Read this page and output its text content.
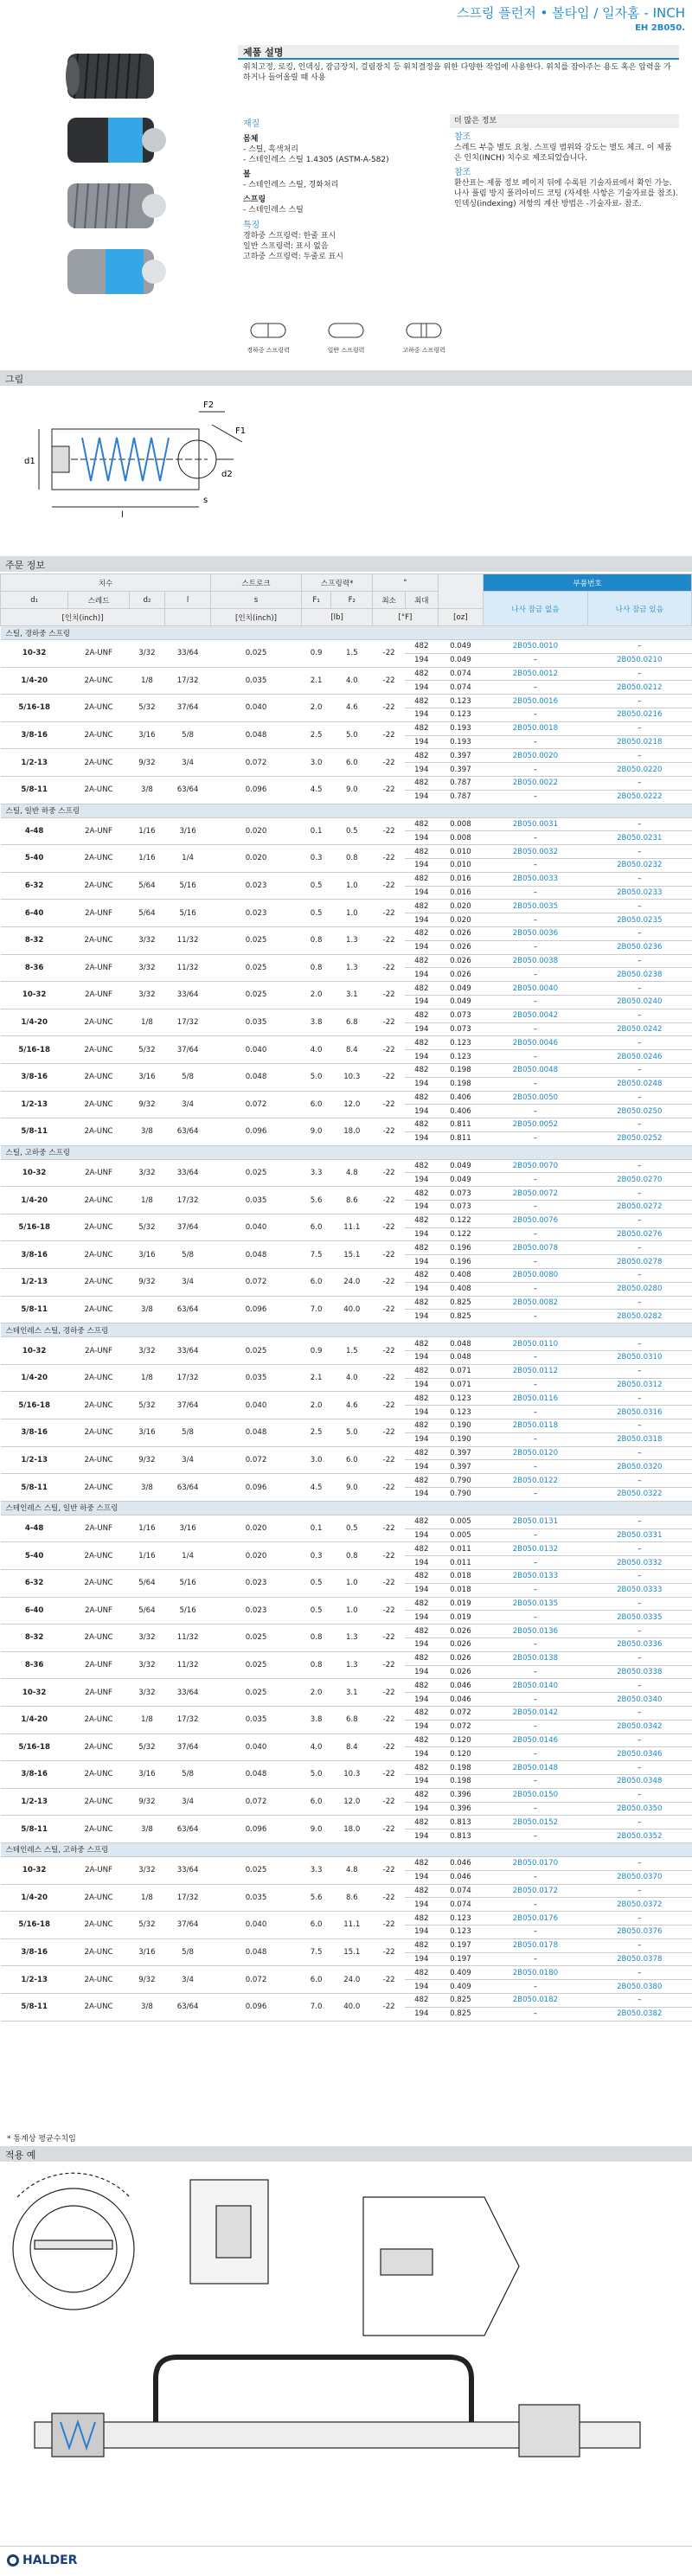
스프링 플런저 • 볼타입 / 일자홈 - INCH
EH 2B050.
제품 설명
위치고정, 로킹, 인덱싱, 잠금장치, 걸림장치 등 위치결정을 위한 다양한 작업에 사용한다. 위치를 잡아주는 용도 혹은 압력을 가하거나 들어올릴 때 사용
재질
몸체
- 스틸, 흑색처리
- 스테인레스 스틸 1.4305 (ASTM-A-582)
볼
- 스테인레스 스틸, 경화처리
스프링
- 스테인레스 스틸
특징
경하중 스프링력: 한줄 표시
일반 스프링력: 표시 없음
고하중 스프링력: 두줄로 표시
더 많은 정보
참조
스레드 부층 별도 요청. 스프링 범위와 강도는 별도 체크. 이 제품은 인치(INCH) 치수로 제조되었습니다.
참조
환산표는 제품 정보 페이지 뒤에 수록된 기술자료에서 확인 가능. 나사 풀림 방지 폴리아미드 코팅 (자세한 사항은 기술자료를 참조). 인덱싱(indexing) 저항의 계산 방법은 -기술자료- 참조.
경하중 스프링력	일반 스프링력	고하중 스프링력
그림
F2
F1
d1
d2
l
s
주문 정보
치수				스트로크	스프링력*		°			부품번호	
d₁	스레드	d₂	l	s	F₁	F₂	최소	최대		나사 잠금 없음	나사 잠금 있음
[인치(inch)]				[인치(inch)]	[lb]		[°F]		[oz]		
스틸, 경하중 스프링											
10-32	2A-UNF	3/32	33/64	0.025	0.9	1.5	-22	482	0.049	2B050.0010	–
								194	0.049	–	2B050.0210
1/4-20	2A-UNC	1/8	17/32	0.035	2.1	4.0	-22	482	0.074	2B050.0012	–
								194	0.074	–	2B050.0212
5/16-18	2A-UNC	5/32	37/64	0.040	2.0	4.6	-22	482	0.123	2B050.0016	–
								194	0.123	–	2B050.0216
3/8-16	2A-UNC	3/16	5/8	0.048	2.5	5.0	-22	482	0.193	2B050.0018	–
								194	0.193	–	2B050.0218
1/2-13	2A-UNC	9/32	3/4	0.072	3.0	6.0	-22	482	0.397	2B050.0020	–
								194	0.397	–	2B050.0220
5/8-11	2A-UNC	3/8	63/64	0.096	4.5	9.0	-22	482	0.787	2B050.0022	–
								194	0.787	–	2B050.0222
스틸, 일반 하중 스프링											
4-48	2A-UNF	1/16	3/16	0.020	0.1	0.5	-22	482	0.008	2B050.0031	–
								194	0.008	–	2B050.0231
5-40	2A-UNC	1/16	1/4	0.020	0.3	0.8	-22	482	0.010	2B050.0032	–
								194	0.010	–	2B050.0232
6-32	2A-UNC	5/64	5/16	0.023	0.5	1.0	-22	482	0.016	2B050.0033	–
								194	0.016	–	2B050.0233
6-40	2A-UNF	5/64	5/16	0.023	0.5	1.0	-22	482	0.020	2B050.0035	–
								194	0.020	–	2B050.0235
8-32	2A-UNC	3/32	11/32	0.025	0.8	1.3	-22	482	0.026	2B050.0036	–
								194	0.026	–	2B050.0236
8-36	2A-UNF	3/32	11/32	0.025	0.8	1.3	-22	482	0.026	2B050.0038	–
								194	0.026	–	2B050.0238
10-32	2A-UNF	3/32	33/64	0.025	2.0	3.1	-22	482	0.049	2B050.0040	–
								194	0.049	–	2B050.0240
1/4-20	2A-UNC	1/8	17/32	0.035	3.8	6.8	-22	482	0.073	2B050.0042	–
								194	0.073	–	2B050.0242
5/16-18	2A-UNC	5/32	37/64	0.040	4.0	8.4	-22	482	0.123	2B050.0046	–
								194	0.123	–	2B050.0246
3/8-16	2A-UNC	3/16	5/8	0.048	5.0	10.3	-22	482	0.198	2B050.0048	–
								194	0.198	–	2B050.0248
1/2-13	2A-UNC	9/32	3/4	0.072	6.0	12.0	-22	482	0.406	2B050.0050	–
								194	0.406	–	2B050.0250
5/8-11	2A-UNC	3/8	63/64	0.096	9.0	18.0	-22	482	0.811	2B050.0052	–
								194	0.811	–	2B050.0252
스틸, 고하중 스프링											
10-32	2A-UNF	3/32	33/64	0.025	3.3	4.8	-22	482	0.049	2B050.0070	–
								194	0.049	–	2B050.0270
1/4-20	2A-UNC	1/8	17/32	0.035	5.6	8.6	-22	482	0.073	2B050.0072	–
								194	0.073	–	2B050.0272
5/16-18	2A-UNC	5/32	37/64	0.040	6.0	11.1	-22	482	0.122	2B050.0076	–
								194	0.122	–	2B050.0276
3/8-16	2A-UNC	3/16	5/8	0.048	7.5	15.1	-22	482	0.196	2B050.0078	–
								194	0.196	–	2B050.0278
1/2-13	2A-UNC	9/32	3/4	0.072	6.0	24.0	-22	482	0.408	2B050.0080	–
								194	0.408	–	2B050.0280
5/8-11	2A-UNC	3/8	63/64	0.096	7.0	40.0	-22	482	0.825	2B050.0082	–
								194	0.825	–	2B050.0282
스테인레스 스틸, 경하중 스프링											
10-32	2A-UNF	3/32	33/64	0.025	0.9	1.5	-22	482	0.048	2B050.0110	–
								194	0.048	–	2B050.0310
1/4-20	2A-UNC	1/8	17/32	0.035	2.1	4.0	-22	482	0.071	2B050.0112	–
								194	0.071	–	2B050.0312
5/16-18	2A-UNC	5/32	37/64	0.040	2.0	4.6	-22	482	0.123	2B050.0116	–
								194	0.123	–	2B050.0316
3/8-16	2A-UNC	3/16	5/8	0.048	2.5	5.0	-22	482	0.190	2B050.0118	–
								194	0.190	–	2B050.0318
1/2-13	2A-UNC	9/32	3/4	0.072	3.0	6.0	-22	482	0.397	2B050.0120	–
								194	0.397	–	2B050.0320
5/8-11	2A-UNC	3/8	63/64	0.096	4.5	9.0	-22	482	0.790	2B050.0122	–
								194	0.790	–	2B050.0322
스테인레스 스틸, 일반 하중 스프링											
4-48	2A-UNF	1/16	3/16	0.020	0.1	0.5	-22	482	0.005	2B050.0131	–
								194	0.005	–	2B050.0331
5-40	2A-UNC	1/16	1/4	0.020	0.3	0.8	-22	482	0.011	2B050.0132	–
								194	0.011	–	2B050.0332
6-32	2A-UNC	5/64	5/16	0.023	0.5	1.0	-22	482	0.018	2B050.0133	–
								194	0.018	–	2B050.0333
6-40	2A-UNF	5/64	5/16	0.023	0.5	1.0	-22	482	0.019	2B050.0135	–
								194	0.019	–	2B050.0335
8-32	2A-UNC	3/32	11/32	0.025	0.8	1.3	-22	482	0.026	2B050.0136	–
								194	0.026	–	2B050.0336
8-36	2A-UNF	3/32	11/32	0.025	0.8	1.3	-22	482	0.026	2B050.0138	–
								194	0.026	–	2B050.0338
10-32	2A-UNF	3/32	33/64	0.025	2.0	3.1	-22	482	0.046	2B050.0140	–
								194	0.046	–	2B050.0340
1/4-20	2A-UNC	1/8	17/32	0.035	3.8	6.8	-22	482	0.072	2B050.0142	–
								194	0.072	–	2B050.0342
5/16-18	2A-UNC	5/32	37/64	0.040	4.0	8.4	-22	482	0.120	2B050.0146	–
								194	0.120	–	2B050.0346
3/8-16	2A-UNC	3/16	5/8	0.048	5.0	10.3	-22	482	0.198	2B050.0148	–
								194	0.198	–	2B050.0348
1/2-13	2A-UNC	9/32	3/4	0.072	6.0	12.0	-22	482	0.396	2B050.0150	–
								194	0.396	–	2B050.0350
5/8-11	2A-UNC	3/8	63/64	0.096	9.0	18.0	-22	482	0.813	2B050.0152	–
								194	0.813	–	2B050.0352
스테인레스 스틸, 고하중 스프링											
10-32	2A-UNF	3/32	33/64	0.025	3.3	4.8	-22	482	0.046	2B050.0170	–
								194	0.046	–	2B050.0370
1/4-20	2A-UNC	1/8	17/32	0.035	5.6	8.6	-22	482	0.074	2B050.0172	–
								194	0.074	–	2B050.0372
5/16-18	2A-UNC	5/32	37/64	0.040	6.0	11.1	-22	482	0.123	2B050.0176	–
								194	0.123	–	2B050.0376
3/8-16	2A-UNC	3/16	5/8	0.048	7.5	15.1	-22	482	0.197	2B050.0178	–
								194	0.197	–	2B050.0378
1/2-13	2A-UNC	9/32	3/4	0.072	6.0	24.0	-22	482	0.409	2B050.0180	–
								194	0.409	–	2B050.0380
5/8-11	2A-UNC	3/8	63/64	0.096	7.0	40.0	-22	482	0.825	2B050.0182	–
								194	0.825	–	2B050.0382
* 통계상 평균수치임
적용 예
HALDER
